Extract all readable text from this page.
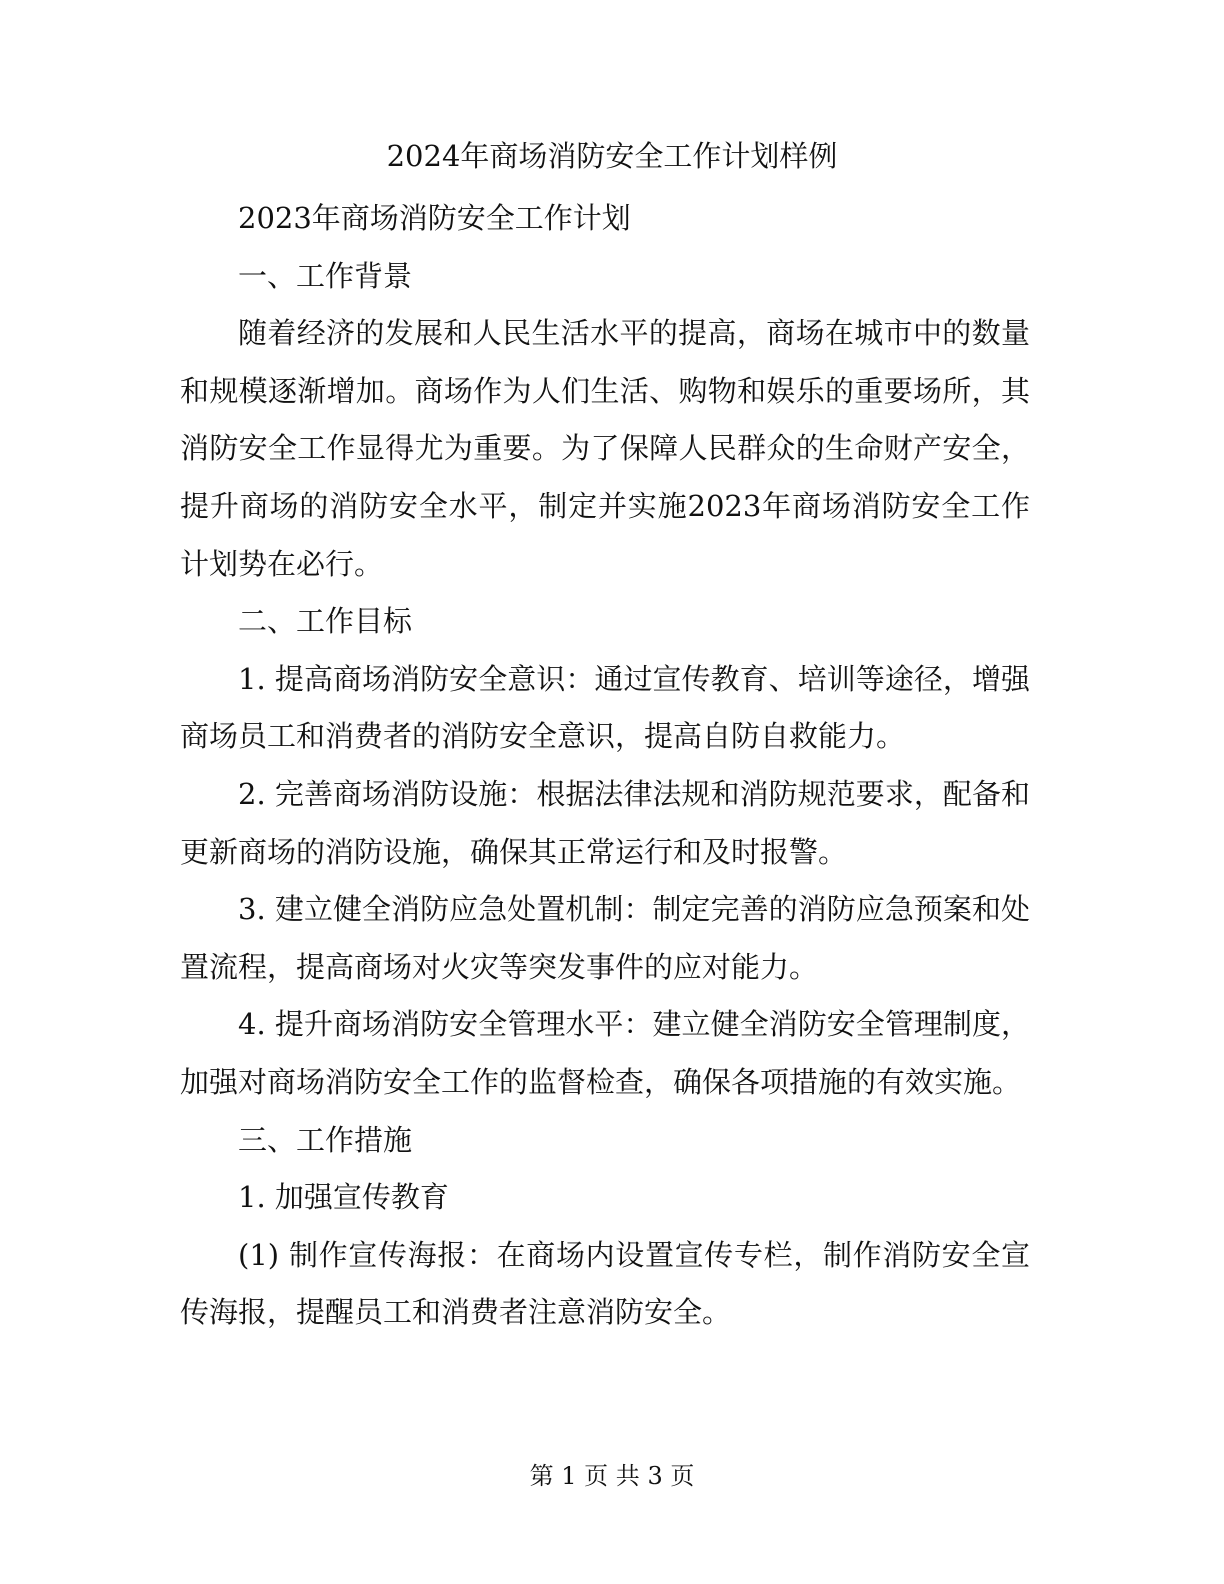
2024年商场消防安全工作计划样例

2023年商场消防安全工作计划

一、工作背景

随着经济的发展和人民生活水平的提高，商场在城市中的数量和规模逐渐增加。商场作为人们生活、购物和娱乐的重要场所，其消防安全工作显得尤为重要。为了保障人民群众的生命财产安全，提升商场的消防安全水平，制定并实施2023年商场消防安全工作计划势在必行。

二、工作目标

1. 提高商场消防安全意识：通过宣传教育、培训等途径，增强商场员工和消费者的消防安全意识，提高自防自救能力。

2. 完善商场消防设施：根据法律法规和消防规范要求，配备和更新商场的消防设施，确保其正常运行和及时报警。

3. 建立健全消防应急处置机制：制定完善的消防应急预案和处置流程，提高商场对火灾等突发事件的应对能力。

4. 提升商场消防安全管理水平：建立健全消防安全管理制度，加强对商场消防安全工作的监督检查，确保各项措施的有效实施。

三、工作措施

1. 加强宣传教育

(1) 制作宣传海报：在商场内设置宣传专栏，制作消防安全宣传海报，提醒员工和消费者注意消防安全。

第 1 页 共 3 页
